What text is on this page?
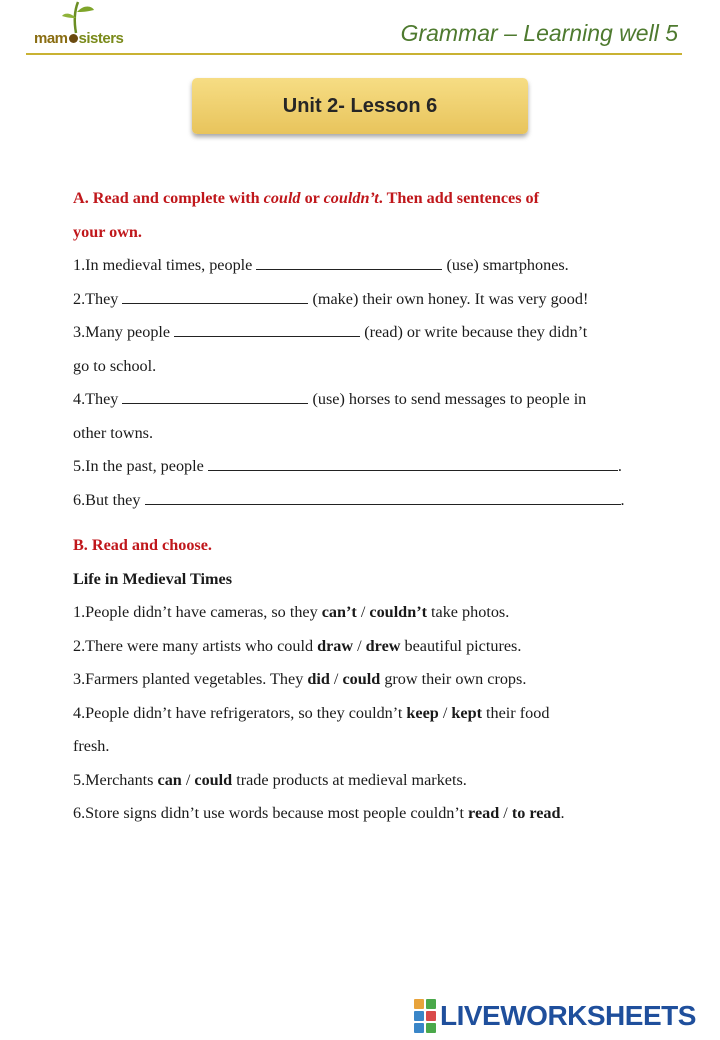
mam sisters	Grammar – Learning well 5
Unit 2- Lesson 6
A. Read and complete with could or couldn’t. Then add sentences of
your own.
1.In medieval times, people	(use) smartphones.
2.They	(make) their own honey. It was very good!
3.Many people	(read) or write because they didn’t
go to school.
4.They	(use) horses to send messages to people in
other towns.
5.In the past, people	.
6.But they	.
B. Read and choose.
Life in Medieval Times
1.People didn’t have cameras, so they can’t / couldn’t take photos.
2.There were many artists who could draw / drew beautiful pictures.
3.Farmers planted vegetables. They did / could grow their own crops.
4.People didn’t have refrigerators, so they couldn’t keep / kept their food
fresh.
5.Merchants can / could trade products at medieval markets.
6.Store signs didn’t use words because most people couldn’t read / to read.
LIVEWORKSHEETS
